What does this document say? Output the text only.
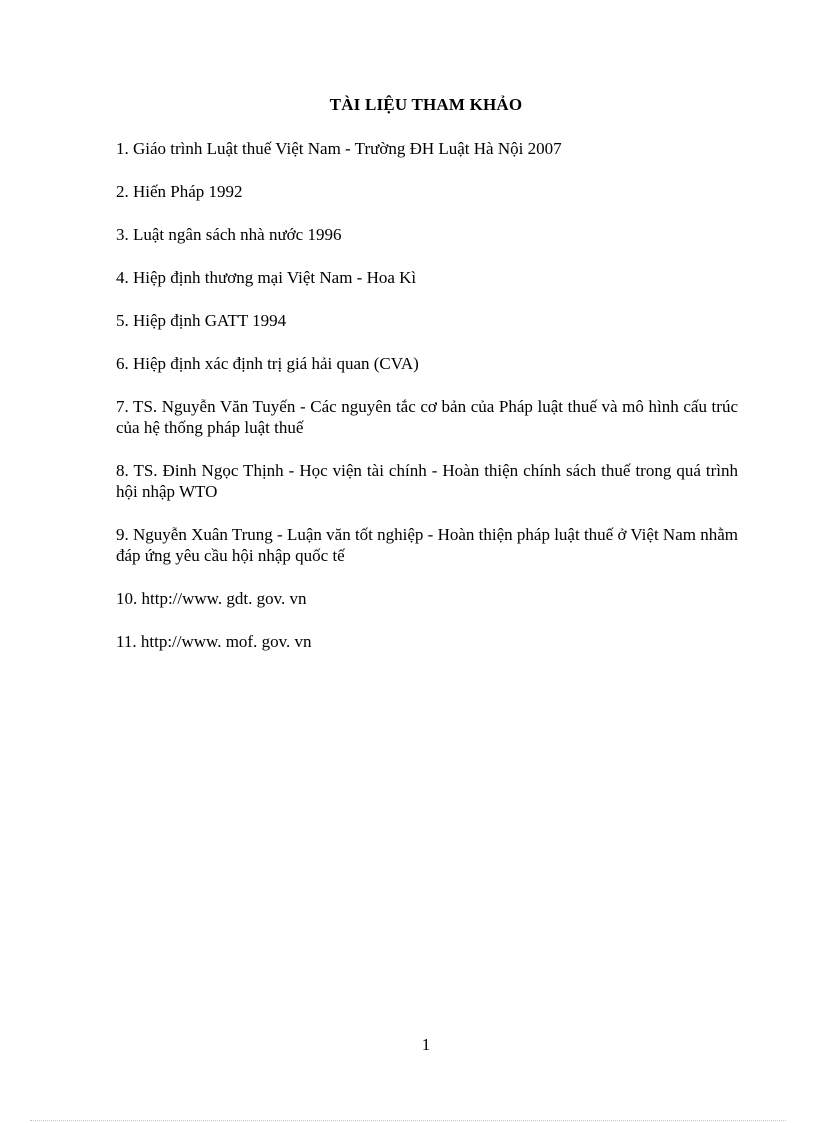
TÀI LIỆU THAM KHẢO
1. Giáo trình Luật thuế Việt Nam - Trường ĐH Luật Hà Nội 2007
2. Hiến Pháp 1992
3. Luật ngân sách nhà nước 1996
4. Hiệp định thương mại Việt Nam - Hoa Kì
5. Hiệp định GATT 1994
6. Hiệp định xác định trị giá hải quan (CVA)
7. TS. Nguyễn Văn Tuyến - Các nguyên tắc cơ bản của Pháp luật thuế và mô hình cấu trúc của hệ thống pháp luật thuế
8. TS. Đinh Ngọc Thịnh - Học viện tài chính - Hoàn thiện chính sách thuế trong quá trình hội nhập WTO
9. Nguyễn Xuân Trung - Luận văn tốt nghiệp - Hoàn thiện pháp luật thuế ở Việt Nam nhằm đáp ứng yêu cầu hội nhập quốc tế
10. http://www. gdt. gov. vn
11. http://www. mof. gov. vn
1
